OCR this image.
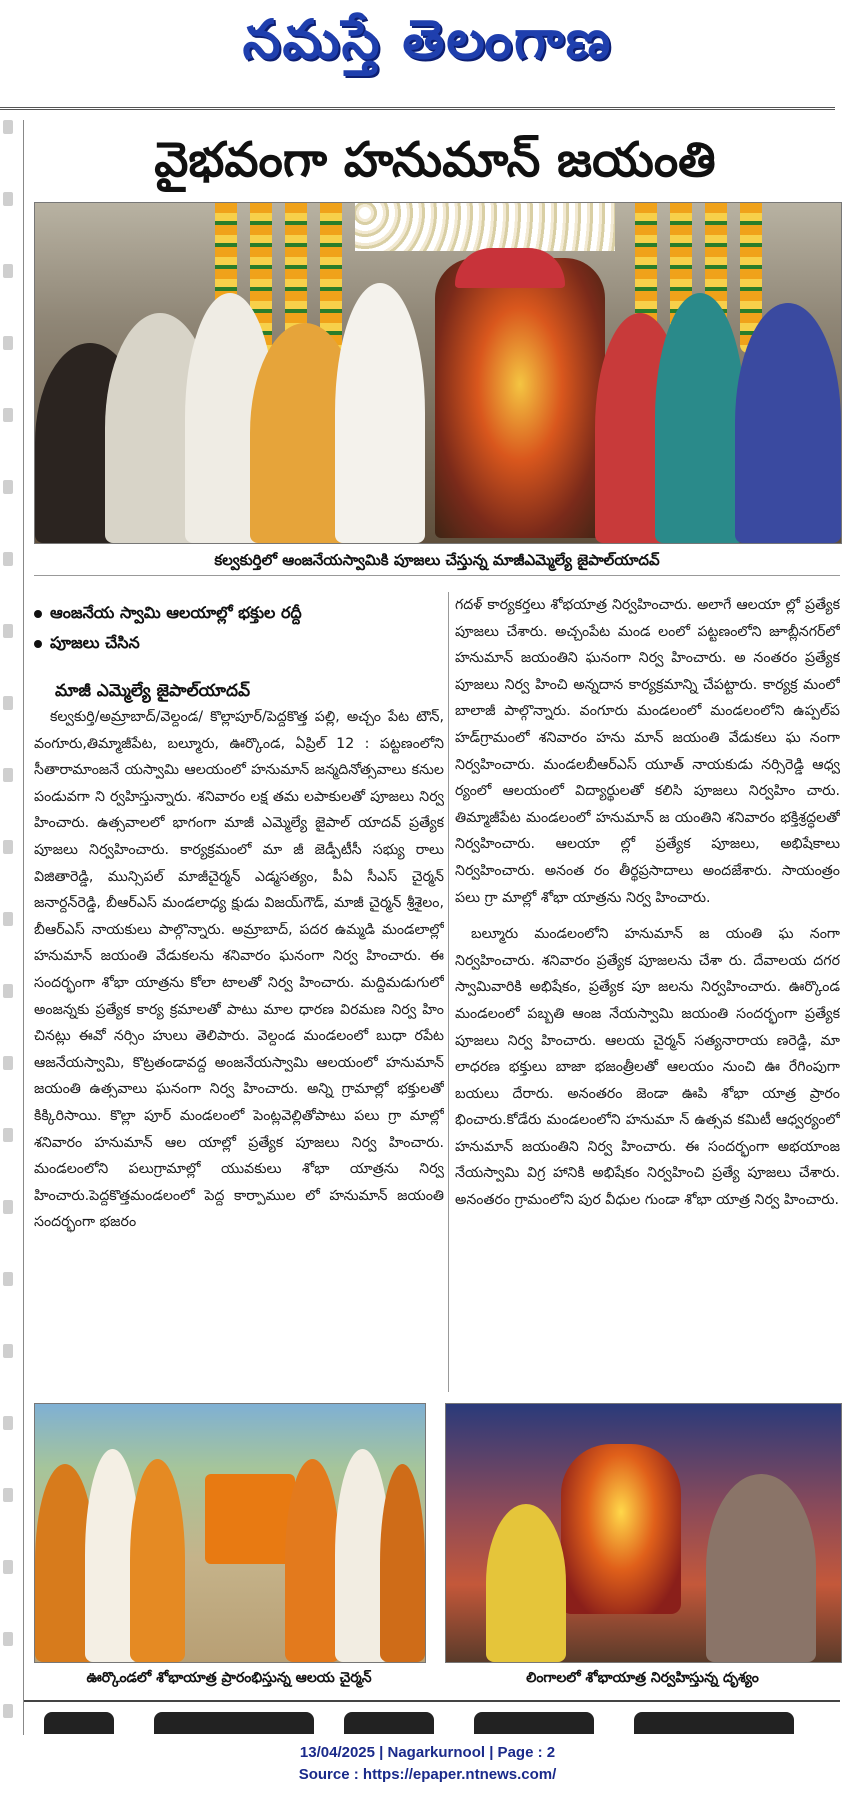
నమస్తే తెలంగాణ
వైభవంగా హనుమాన్ జయంతి
కల్వకుర్తిలో ఆంజనేయస్వామికి పూజలు చేస్తున్న మాజీఎమ్మెల్యే జైపాల్‌యాదవ్
ఆంజనేయ స్వామి ఆలయాల్లో భక్తుల రద్దీ
పూజలు చేసిన
మాజీ ఎమ్మెల్యే జైపాల్‌యాదవ్

కల్వకుర్తి/అమ్రాబాద్/వెల్దండ/ కొల్లాపూర్/పెద్దకొత్త పల్లి, అచ్చం పేట టౌన్, వంగూరు,తిమ్మాజీపేట, బల్మూరు, ఊర్కొండ, ఏప్రిల్ 12 : పట్టణంలోని సీతారామాంజనే యస్వామి ఆలయంలో హనుమాన్ జన్మదినోత్సవాలు కనుల పండువగా ని ర్వహిస్తున్నారు. శనివారం లక్ష తమ లపాకులతో పూజలు నిర్వ హించారు. ఉత్సవాలలో భాగంగా మాజీ ఎమ్మెల్యే జైపాల్ యాదవ్ ప్రత్యేక పూజలు నిర్వహించారు. కార్యక్రమంలో మా జీ జెడ్పీటీసీ సభ్యు రాలు విజితారెడ్డి, మున్సిపల్ మాజీచైర్మన్ ఎడ్మసత్యం, పీఏ సీఎస్ చైర్మన్ జనార్దన్‌రెడ్డి, బీఆర్ఎస్ మండలాధ్య క్షుడు విజయ్‌గౌడ్, మాజీ చైర్మన్ శ్రీశైలం, బీఆర్ఎస్ నాయకులు పాల్గొన్నారు. అమ్రాబాద్, పదర ఉమ్మడి మండలాల్లో హనుమాన్ జయంతి వేడుకలను శనివారం ఘనంగా నిర్వ హించారు. ఈ సందర్భంగా శోభా యాత్రను కోలా టాలతో నిర్వ హించారు. మద్దిమడుగులో అంజన్నకు ప్రత్యేక కార్య క్రమాలతో పాటు మాల ధారణ విరమణ నిర్వ హిం చినట్లు ఈవో నర్సిం హులు తెలిపారు. వెల్దండ మండలంలో బుధా రపేట ఆజనేయస్వామి, కొట్రతండావద్ద అంజనేయస్వామి ఆలయంలో హనుమాన్ జయంతి ఉత్సవాలు ఘనంగా నిర్వ హించారు. అన్ని గ్రామాల్లో భక్తులతో కిక్కిరిసాయి. కొల్లా పూర్ మండలంలో పెంట్లవెల్లితోపాటు పలు గ్రా మాల్లో శనివారం హనుమాన్ ఆల యాల్లో ప్రత్యేక పూజలు నిర్వ హించారు. మండలంలోని పలుగ్రామాల్లో యువకులు శోభా యాత్రను నిర్వ హించారు.పెద్దకొత్తమండలంలో పెద్ద కార్పాముల లో హనుమాన్ జయంతి సందర్భంగా భజరం

గదళ్ కార్యకర్తలు శోభయాత్ర నిర్వహించారు. అలాగే ఆలయా ల్లో ప్రత్యేక పూజలు చేశారు. అచ్చంపేట మండ లంలో పట్టణంలోని జూబ్లీనగర్‌లో హనుమాన్ జయంతిని ఘనంగా నిర్వ హించారు. అ నంతరం ప్రత్యేక పూజలు నిర్వ హించి అన్నదాన కార్యక్రమాన్ని చేపట్టారు. కార్యక్ర మంలో బాలాజీ పాల్గొన్నారు. వంగూరు మండలంలో మండలంలోని ఉప్పల్‌ప హడ్‌గ్రామంలో శనివారం హను మాన్ జయంతి వేడుకలు ఘ నంగా నిర్వహించారు. మండలబీఆర్ఎస్ యూత్ నాయకుడు నర్సిరెడ్డి ఆధ్వ ర్యంలో ఆలయంలో విద్యార్థులతో కలిసి పూజలు నిర్వహిం చారు. తిమ్మాజీపేట మండలంలో హనుమాన్ జ యంతిని శనివారం భక్తిశ్రద్ధలతో నిర్వహించారు. ఆలయా ల్లో ప్రత్యేక పూజలు, అభిషేకాలు నిర్వహించారు. అనంత రం తీర్థప్రసాదాలు అందజేశారు. సాయంత్రం పలు గ్రా మాల్లో శోభా యాత్రను నిర్వ హించారు.

బల్మూరు మండలంలోని హనుమాన్ జ యంతి ఘ నంగా నిర్వహించారు. శనివారం ప్రత్యేక పూజలను చేశా రు. దేవాలయ దగర స్వామివారికి అభిషేకం, ప్రత్యేక పూ జలను నిర్వహించారు. ఊర్కొండ మండలంలో పబ్బతి ఆంజ నేయస్వామి జయంతి సందర్భంగా ప్రత్యేక పూజలు నిర్వ హించారు. ఆలయ చైర్మన్ సత్యనారాయ ణరెడ్డి, మా లాధరణ భక్తులు బాజా భజంత్రీలతో ఆలయం నుంచి ఊ రేగింపుగా బయలు దేరారు. అనంతరం జెండా ఊపి శోభా యాత్ర ప్రారం భించారు.కోడేరు మండలంలోని హనుమా న్ ఉత్సవ కమిటీ ఆధ్వర్యంలో హనుమాన్ జయంతిని నిర్వ హించారు. ఈ సందర్భంగా అభయాంజ నేయస్వామి విగ్ర హానికి అభిషేకం నిర్వహించి ప్రత్యే పూజలు చేశారు. అనంతరం గ్రామంలోని పుర వీధుల గుండా శోభా యాత్ర నిర్వ హించారు.

ఊర్కొండలో శోభాయాత్ర ప్రారంభిస్తున్న ఆలయ చైర్మన్	లింగాలలో శోభాయాత్ర నిర్వహిస్తున్న దృశ్యం
13/04/2025 | Nagarkurnool | Page : 2
Source : https://epaper.ntnews.com/
